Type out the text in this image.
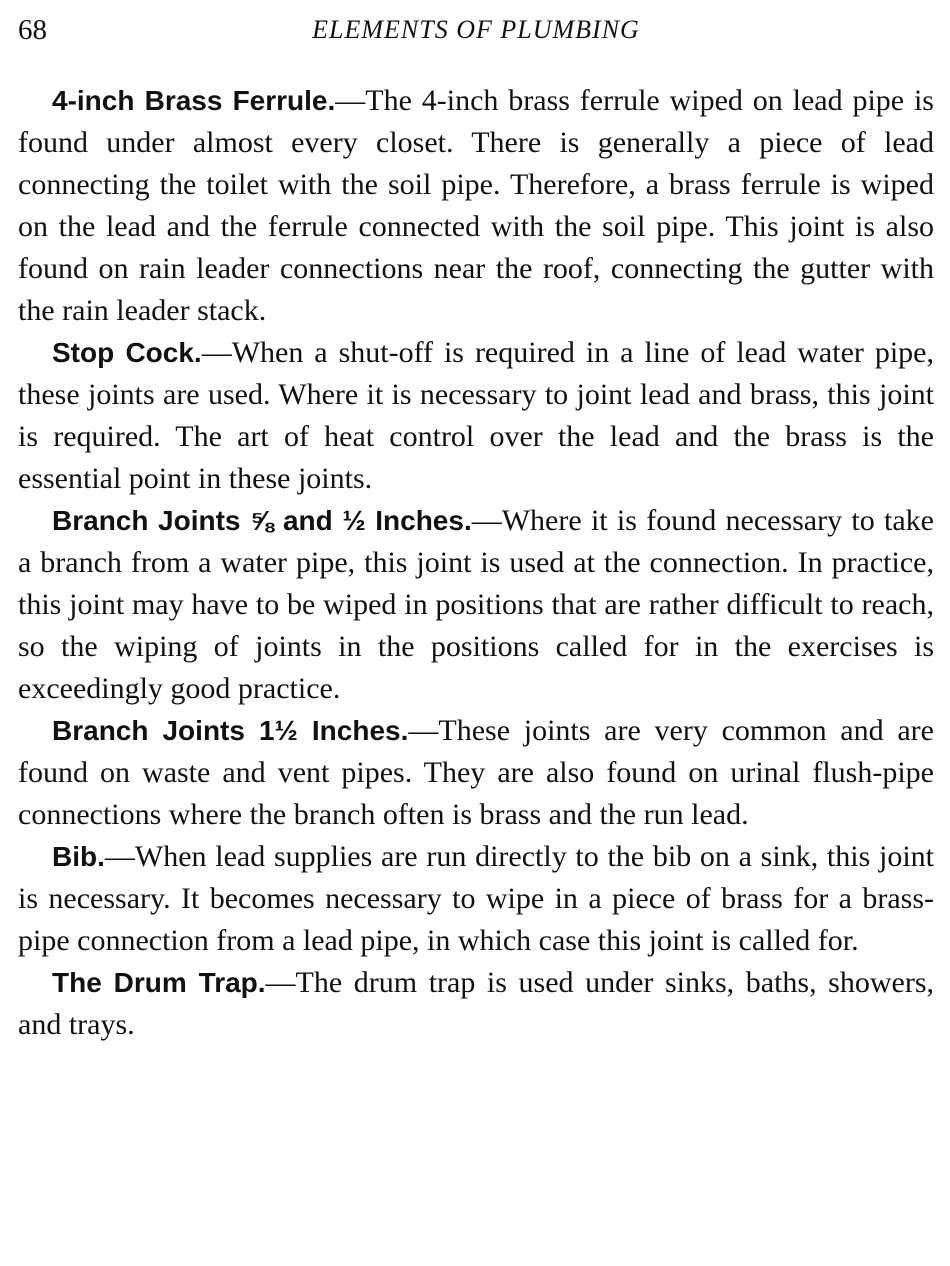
68	ELEMENTS OF PLUMBING

4-inch Brass Ferrule.—The 4-inch brass ferrule wiped on lead pipe is found under almost every closet. There is generally a piece of lead connecting the toilet with the soil pipe. Therefore, a brass ferrule is wiped on the lead and the ferrule connected with the soil pipe. This joint is also found on rain leader connections near the roof, connecting the gutter with the rain leader stack.

Stop Cock.—When a shut-off is required in a line of lead water pipe, these joints are used. Where it is necessary to joint lead and brass, this joint is required. The art of heat control over the lead and the brass is the essential point in these joints.

Branch Joints ⅝ and ½ Inches.—Where it is found necessary to take a branch from a water pipe, this joint is used at the connection. In practice, this joint may have to be wiped in positions that are rather difficult to reach, so the wiping of joints in the positions called for in the exercises is exceedingly good practice.

Branch Joints 1½ Inches.—These joints are very common and are found on waste and vent pipes. They are also found on urinal flush-pipe connections where the branch often is brass and the run lead.

Bib.—When lead supplies are run directly to the bib on a sink, this joint is necessary. It becomes necessary to wipe in a piece of brass for a brass-pipe connection from a lead pipe, in which case this joint is called for.

The Drum Trap.—The drum trap is used under sinks, baths, showers, and trays.
